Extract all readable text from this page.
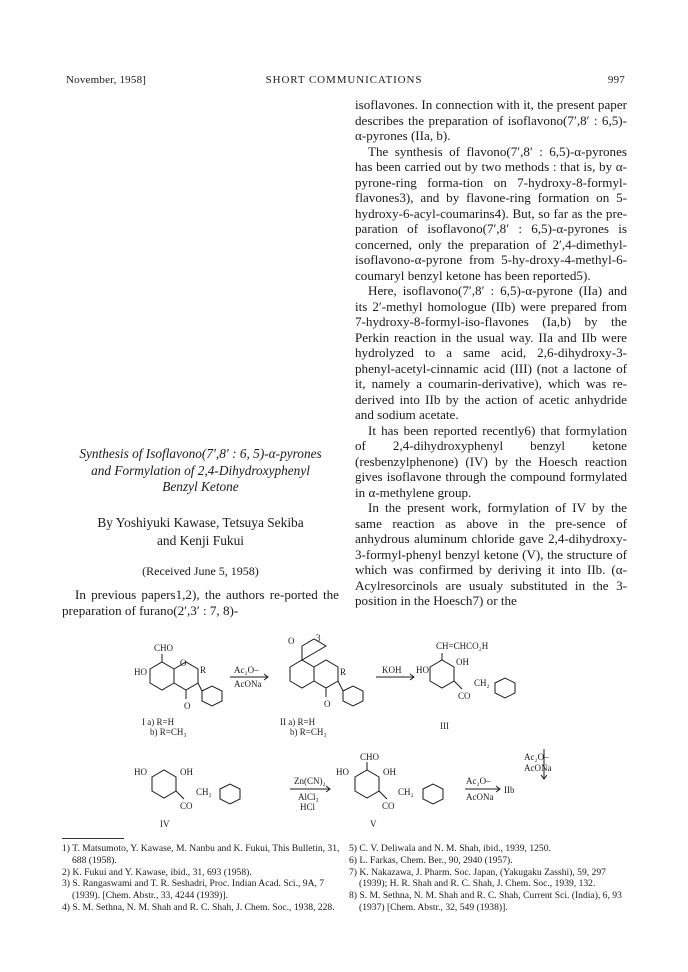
November, 1958]	SHORT COMMUNICATIONS	997

isoflavones. In connection with it, the present paper describes the preparation of isoflavono(7′,8′ : 6,5)-α-pyrones (IIa, b).

The synthesis of flavono(7′,8′ : 6,5)-α-pyrones has been carried out by two methods : that is, by α-pyrone-ring forma-tion on 7-hydroxy-8-formyl-flavones3), and by flavone-ring formation on 5-hydroxy-6-acyl-coumarins4). But, so far as the pre-paration of isoflavono(7′,8′ : 6,5)-α-pyrones is concerned, only the preparation of 2′,4-dimethyl-isoflavono-α-pyrone from 5-hy-droxy-4-methyl-6-coumaryl benzyl ketone has been reported5).

Here, isoflavono(7′,8′ : 6,5)-α-pyrone (IIa) and its 2′-methyl homologue (IIb) were prepared from 7-hydroxy-8-formyl-iso-flavones (Ia,b) by the Perkin reaction in the usual way. IIa and IIb were hydrolyzed to a same acid, 2,6-dihydroxy-3-phenyl-acetyl-cinnamic acid (III) (not a lactone of it, namely a coumarin-derivative), which was re-derived into IIb by the action of acetic anhydride and sodium acetate.

It has been reported recently6) that formylation of 2,4-dihydroxyphenyl benzyl ketone (resbenzylphenone) (IV) by the Hoesch reaction gives isoflavone through the compound formylated in α-methylene group.

In the present work, formylation of IV by the same reaction as above in the pre-sence of anhydrous aluminum chloride gave 2,4-dihydroxy-3-formyl-phenyl benzyl ketone (V), the structure of which was confirmed by deriving it into IIb. (α-Acylresorcinols are usualy substituted in the 3-position in the Hoesch7) or the

Synthesis of Isoflavono(7′,8′ : 6, 5)-α-pyrones
and Formylation of 2,4-Dihydroxyphenyl
Benzyl Ketone

By Yoshiyuki Kawase, Tetsuya Sekiba
and Kenji Fukui

(Received June 5, 1958)

In previous papers1,2), the authors re-ported the preparation of furano(2′,3′ : 7, 8)-

CHO
HO
O
R
O
Ac₂O–
AcONa
I a) R=H
b) R=CH₃
O 3
R
O
II a) R=H
b) R=CH₃
KOH
CH=CHCO₂H
HO
OH
CH₂
CO
III
Ac₂O–
AcONa
HO	OH
CH₂
CO
IV
Zn(CN)₂
AlCl₃
HCl
CHO
HO	OH
CH₂
CO
V
Ac₂O–
AcONa
IIb
1) T. Matsumoto, Y. Kawase, M. Nanbu and K. Fukui, This Bulletin, 31, 688 (1958).
2) K. Fukui and Y. Kawase, ibid., 31, 693 (1958).
3) S. Rangaswami and T. R. Seshadri, Proc. Indian Acad. Sci., 9A, 7 (1939). [Chem. Abstr., 33, 4244 (1939)].
4) S. M. Sethna, N. M. Shah and R. C. Shah, J. Chem. Soc., 1938, 228.
5) C. V. Deliwala and N. M. Shah, ibid., 1939, 1250.
6) L. Farkas, Chem. Ber., 90, 2940 (1957).
7) K. Nakazawa, J. Pharm. Soc. Japan, (Yakugaku Zasshi), 59, 297 (1939); H. R. Shah and R. C. Shah, J. Chem. Soc., 1939, 132.
8) S. M. Sethna, N. M. Shah and R. C. Shah, Current Sci. (India), 6, 93 (1937) [Chem. Abstr., 32, 549 (1938)].
